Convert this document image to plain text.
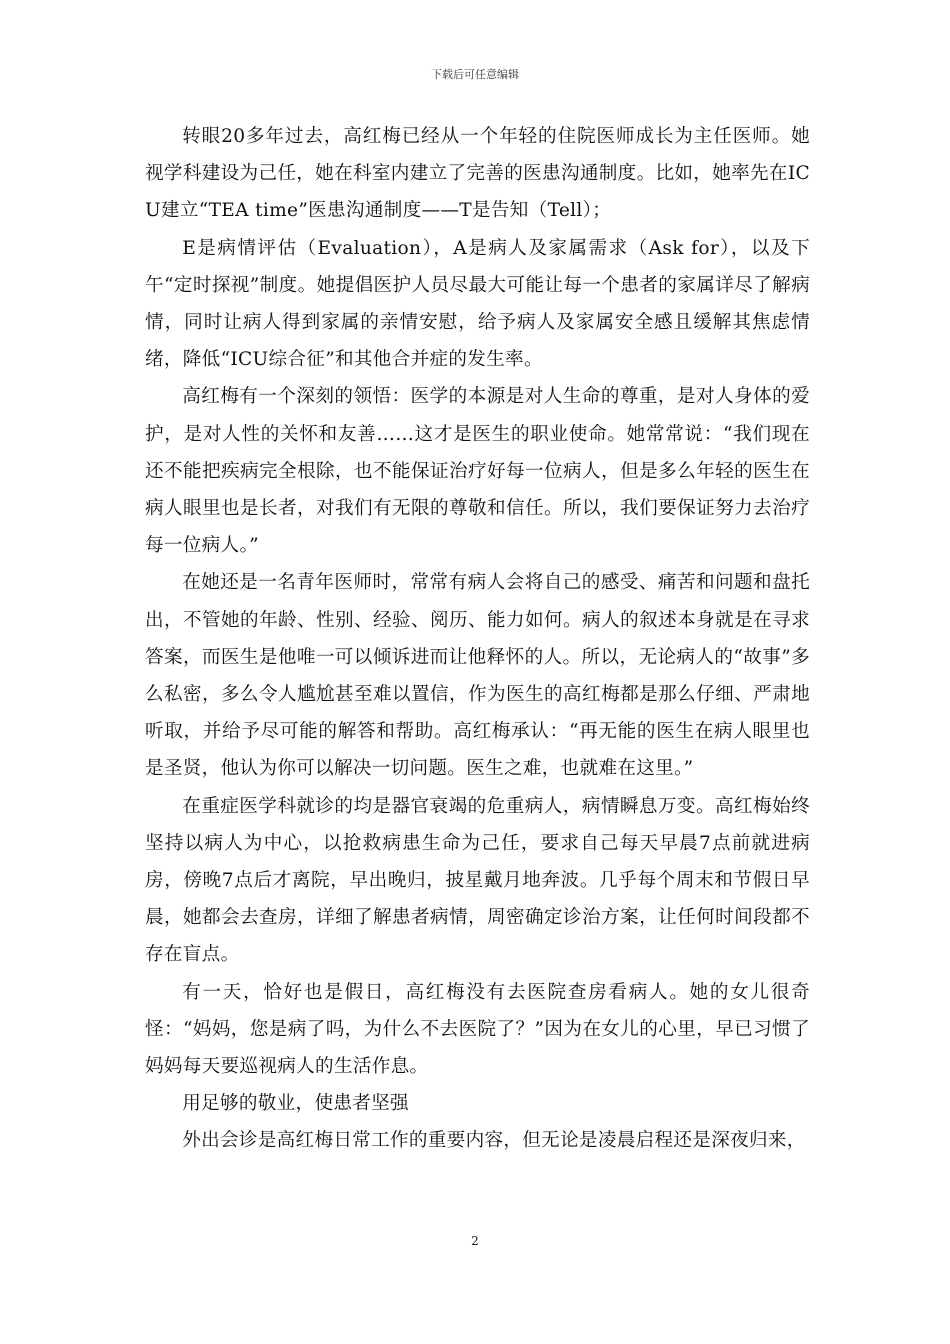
下载后可任意编辑

转眼20多年过去，高红梅已经从一个年轻的住院医师成长为主任医师。她视学科建设为己任，她在科室内建立了完善的医患沟通制度。比如，她率先在ICU建立“TEA time”医患沟通制度——T是告知（Tell）；

E是病情评估（Evaluation），A是病人及家属需求（Ask for），以及下午“定时探视”制度。她提倡医护人员尽最大可能让每一个患者的家属详尽了解病情，同时让病人得到家属的亲情安慰，给予病人及家属安全感且缓解其焦虑情绪，降低“ICU综合征”和其他合并症的发生率。

高红梅有一个深刻的领悟：医学的本源是对人生命的尊重，是对人身体的爱护，是对人性的关怀和友善……这才是医生的职业使命。她常常说：“我们现在还不能把疾病完全根除，也不能保证治疗好每一位病人，但是多么年轻的医生在病人眼里也是长者，对我们有无限的尊敬和信任。所以，我们要保证努力去治疗每一位病人。”

在她还是一名青年医师时，常常有病人会将自己的感受、痛苦和问题和盘托出，不管她的年龄、性别、经验、阅历、能力如何。病人的叙述本身就是在寻求答案，而医生是他唯一可以倾诉进而让他释怀的人。所以，无论病人的“故事”多么私密，多么令人尴尬甚至难以置信，作为医生的高红梅都是那么仔细、严肃地听取，并给予尽可能的解答和帮助。高红梅承认：“再无能的医生在病人眼里也是圣贤，他认为你可以解决一切问题。医生之难，也就难在这里。”

在重症医学科就诊的均是器官衰竭的危重病人，病情瞬息万变。高红梅始终坚持以病人为中心，以抢救病患生命为己任，要求自己每天早晨7点前就进病房，傍晚7点后才离院，早出晚归，披星戴月地奔波。几乎每个周末和节假日早晨，她都会去查房，详细了解患者病情，周密确定诊治方案，让任何时间段都不存在盲点。

有一天，恰好也是假日，高红梅没有去医院查房看病人。她的女儿很奇怪：“妈妈，您是病了吗，为什么不去医院了？”因为在女儿的心里，早已习惯了妈妈每天要巡视病人的生活作息。

用足够的敬业，使患者坚强

外出会诊是高红梅日常工作的重要内容，但无论是凌晨启程还是深夜归来，

2
